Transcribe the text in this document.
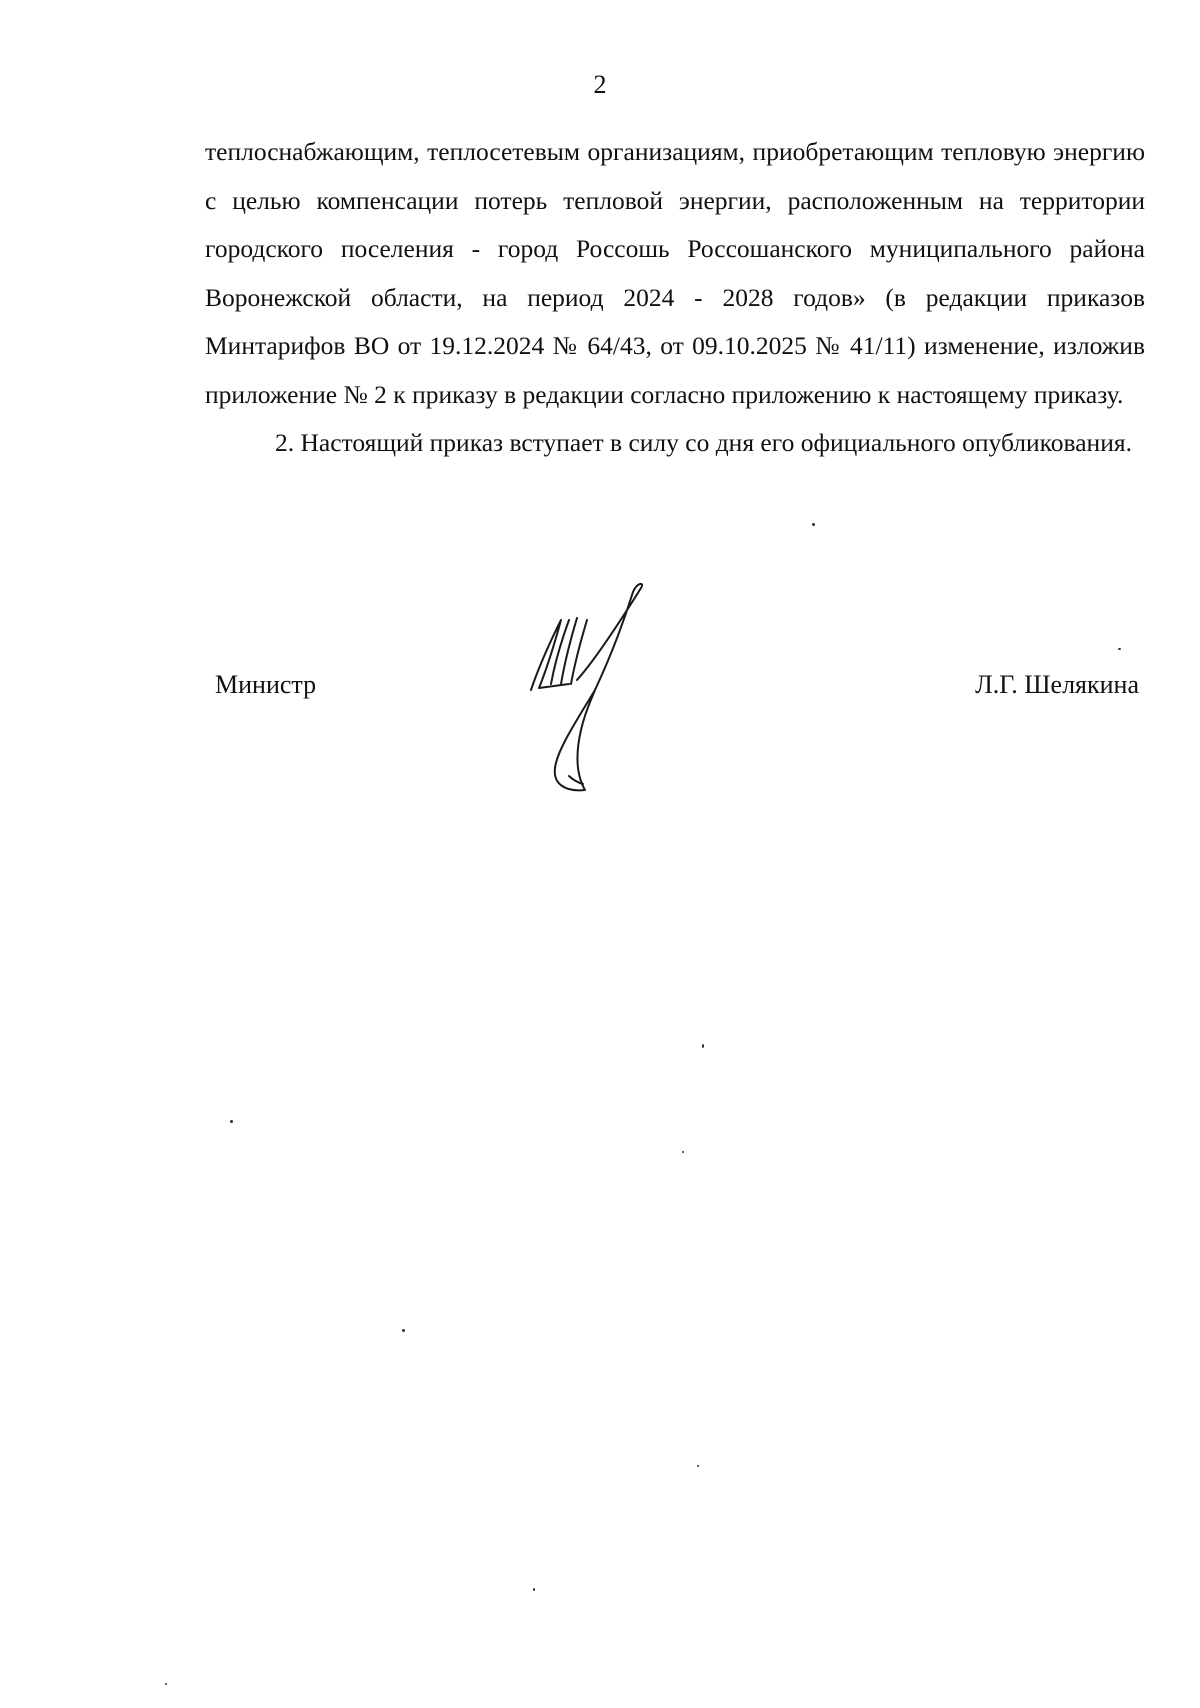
2

теплоснабжающим, теплосетевым организациям, приобретающим тепловую энергию с целью компенсации потерь тепловой энергии, расположенным на территории городского поселения - город Россошь Россошанского муниципального района Воронежской области, на период 2024 - 2028 годов» (в редакции приказов Минтарифов ВО от 19.12.2024 № 64/43, от 09.10.2025 № 41/11) изменение, изложив приложение № 2 к приказу в редакции согласно приложению к настоящему приказу.

2. Настоящий приказ вступает в силу со дня его официального опубликования.

Министр	Л.Г. Шелякина
